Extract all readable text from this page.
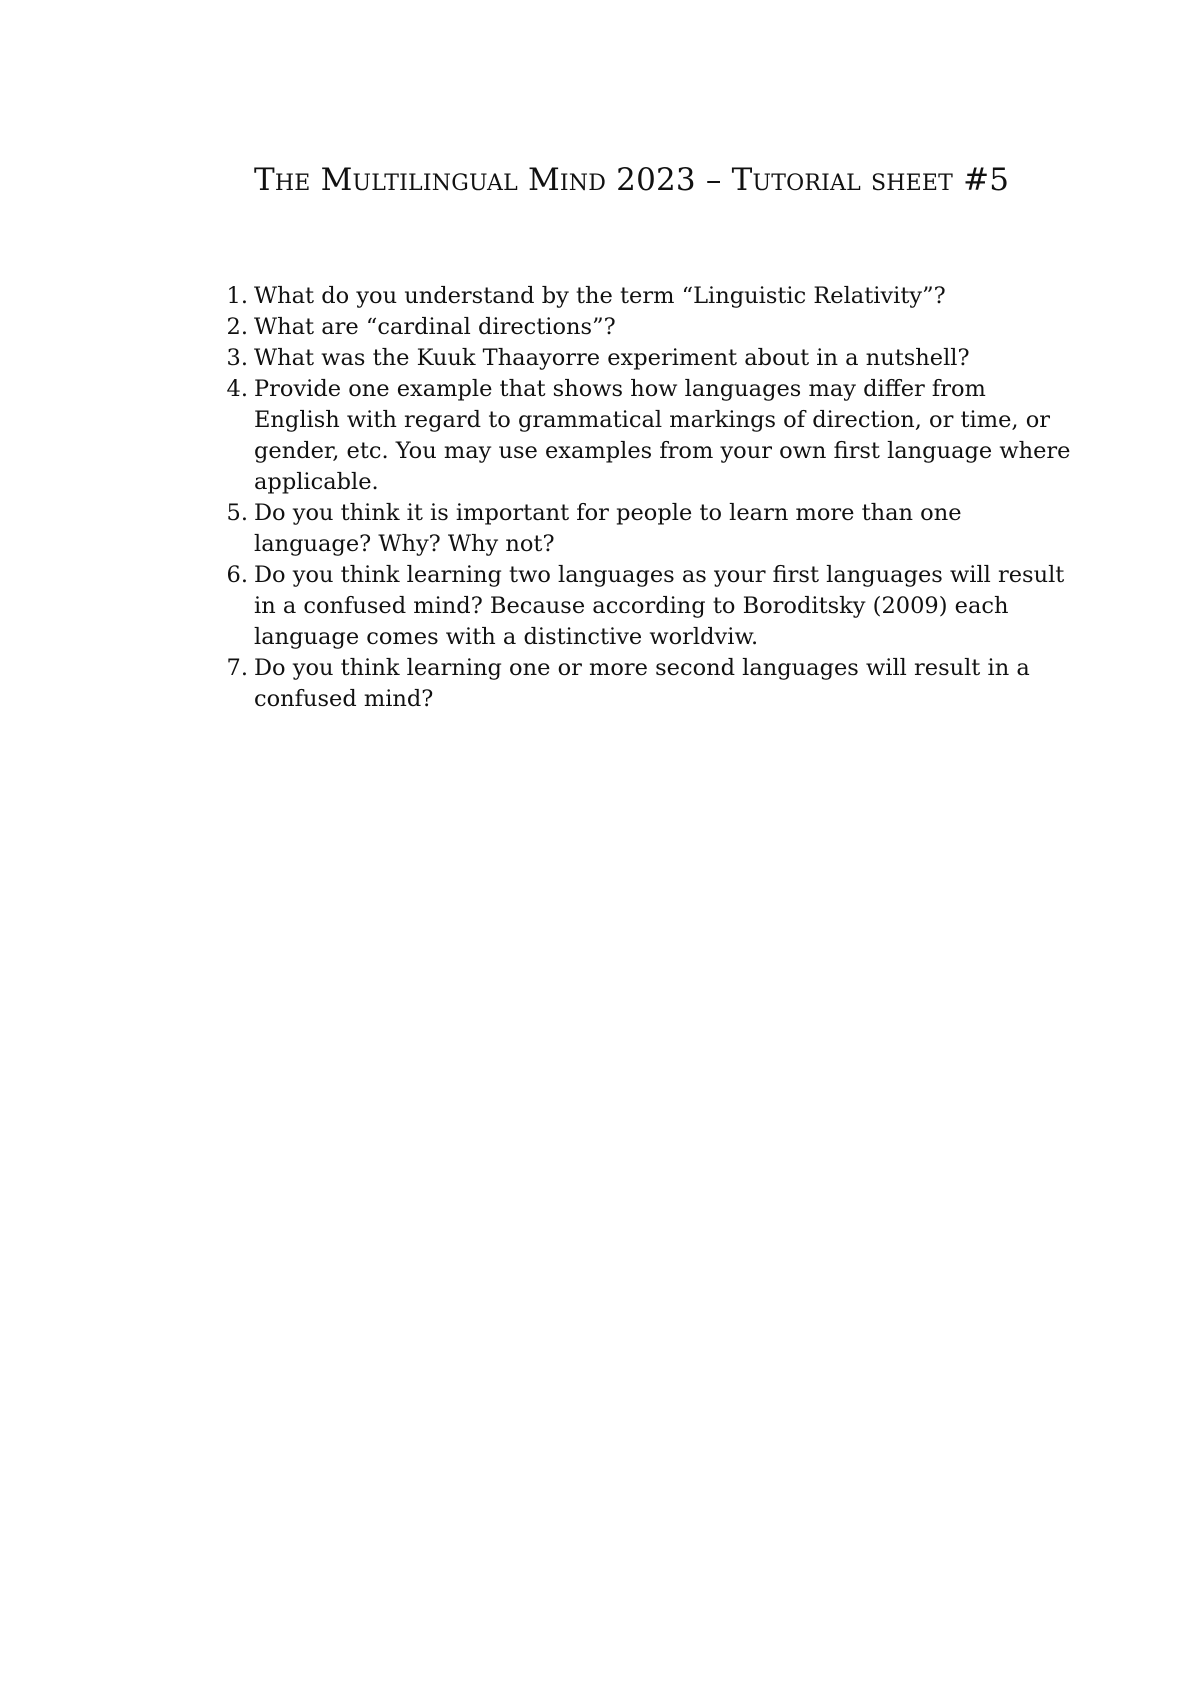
The Multilingual Mind 2023 – Tutorial sheet #5
1. What do you understand by the term “Linguistic Relativity”?
2. What are “cardinal directions”?
3. What was the Kuuk Thaayorre experiment about in a nutshell?
4. Provide one example that shows how languages may differ from English with regard to grammatical markings of direction, or time, or gender, etc. You may use examples from your own first language where applicable.
5. Do you think it is important for people to learn more than one language? Why? Why not?
6. Do you think learning two languages as your first languages will result in a confused mind? Because according to Boroditsky (2009) each language comes with a distinctive worldviw.
7. Do you think learning one or more second languages will result in a confused mind?
